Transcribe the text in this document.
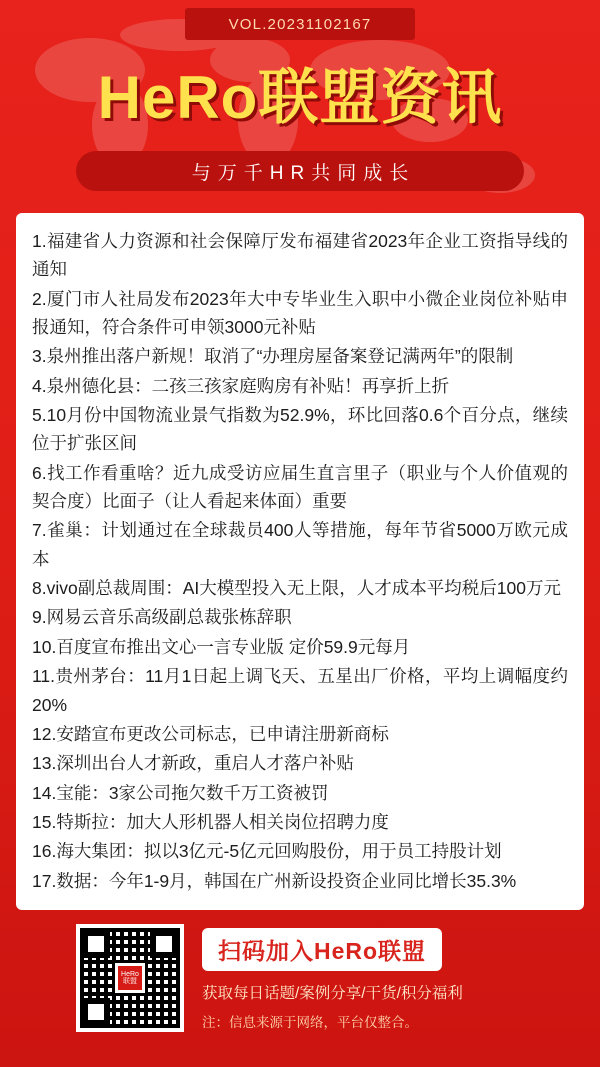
VOL.20231102167
HeRo联盟资讯
与万千HR共同成长
1.福建省人力资源和社会保障厅发布福建省2023年企业工资指导线的通知
2.厦门市人社局发布2023年大中专毕业生入职中小微企业岗位补贴申报通知，符合条件可申领3000元补贴
3.泉州推出落户新规！取消了“办理房屋备案登记满两年”的限制
4.泉州德化县：二孩三孩家庭购房有补贴！再享折上折
5.10月份中国物流业景气指数为52.9%，环比回落0.6个百分点，继续位于扩张区间
6.找工作看重啥？近九成受访应届生直言里子（职业与个人价值观的契合度）比面子（让人看起来体面）重要
7.雀巢：计划通过在全球裁员400人等措施，每年节省5000万欧元成本
8.vivo副总裁周围：AI大模型投入无上限，人才成本平均税后100万元
9.网易云音乐高级副总裁张栋辞职
10.百度宣布推出文心一言专业版 定价59.9元每月
11.贵州茅台：11月1日起上调飞天、五星出厂价格，平均上调幅度约20%
12.安踏宣布更改公司标志，已申请注册新商标
13.深圳出台人才新政，重启人才落户补贴
14.宝能：3家公司拖欠数千万工资被罚
15.特斯拉：加大人形机器人相关岗位招聘力度
16.海大集团：拟以3亿元-5亿元回购股份，用于员工持股计划
17.数据：今年1-9月，韩国在广州新设投资企业同比增长35.3%
HeRo联盟
扫码加入HeRo联盟
获取每日话题/案例分享/干货/积分福利
注：信息来源于网络，平台仅整合。
